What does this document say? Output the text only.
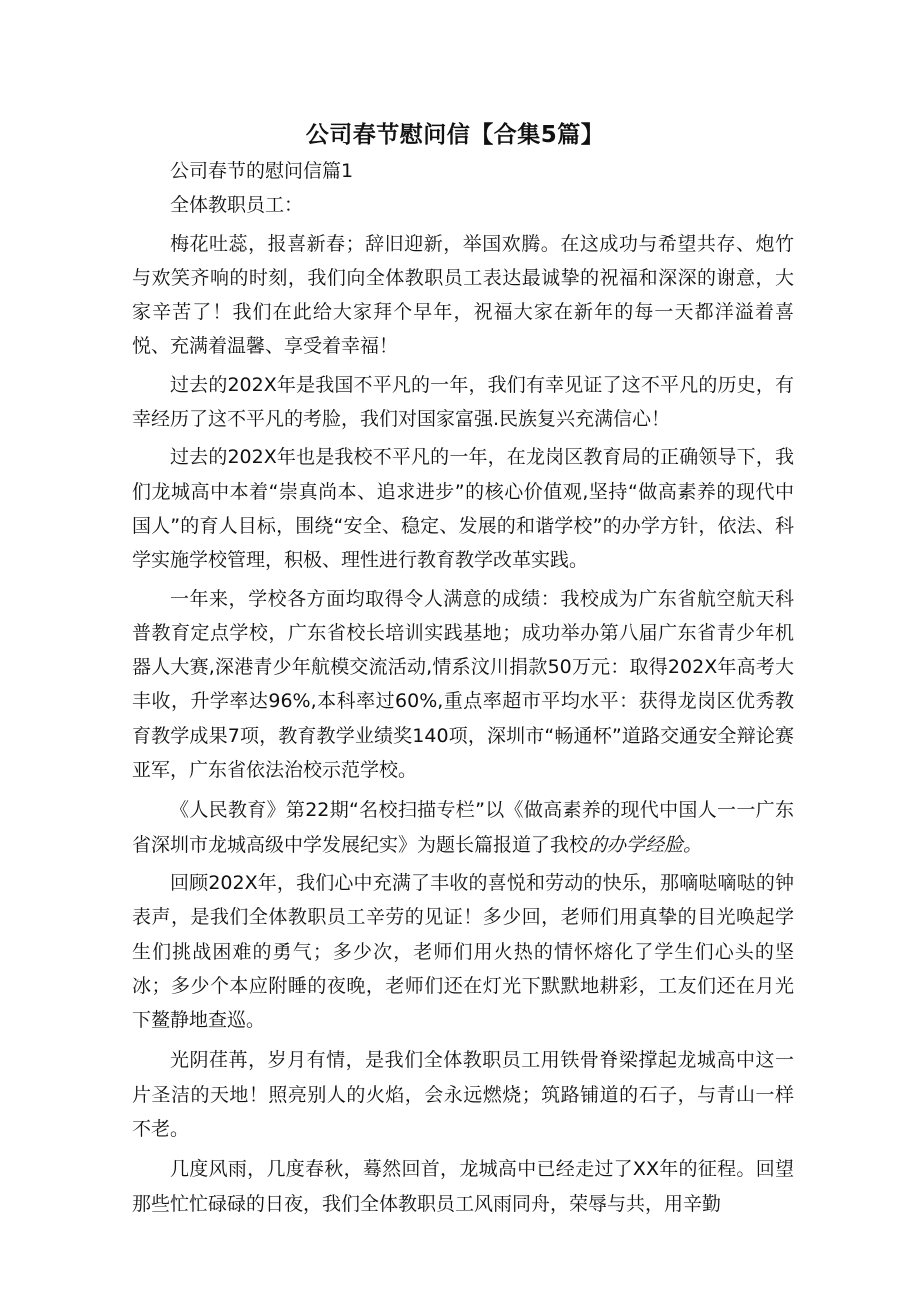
公司春节慰问信【合集5篇】

公司春节的慰问信篇1

全体教职员工：

梅花吐蕊，报喜新春；辞旧迎新，举国欢腾。在这成功与希望共存、炮竹与欢笑齐响的时刻，我们向全体教职员工表达最诚挚的祝福和深深的谢意，大家辛苦了！我们在此给大家拜个早年，祝福大家在新年的每一天都洋溢着喜悦、充满着温馨、享受着幸福！

过去的202X年是我国不平凡的一年，我们有幸见证了这不平凡的历史，有幸经历了这不平凡的考脸，我们对国家富强.民族复兴充满信心！

过去的202X年也是我校不平凡的一年，在龙岗区教育局的正确领导下，我们龙城高中本着“崇真尚本、追求进步”的核心价值观,坚持“做高素养的现代中国人”的育人目标，围绕“安全、稳定、发展的和谐学校”的办学方针，依法、科学实施学校管理，积极、理性进行教育教学改革实践。

一年来，学校各方面均取得令人满意的成绩：我校成为广东省航空航天科普教育定点学校，广东省校长培训实践基地；成功举办第八届广东省青少年机器人大赛,深港青少年航模交流活动,情系汶川捐款50万元：取得202X年高考大丰收，升学率达96%,本科率过60%,重点率超市平均水平：获得龙岗区优秀教育教学成果7项，教育教学业绩奖140项，深圳市“畅通杯”道路交通安全辩论赛亚军，广东省依法治校示范学校。

《人民教育》第22期“名校扫描专栏”以《做高素养的现代中国人一一广东省深圳市龙城高级中学发展纪实》为题长篇报道了我校的办学经脸。

回顾202X年，我们心中充满了丰收的喜悦和劳动的快乐，那嘀哒嘀哒的钟表声，是我们全体教职员工辛劳的见证！多少回，老师们用真挚的目光唤起学生们挑战困难的勇气；多少次，老师们用火热的情怀熔化了学生们心头的坚冰；多少个本应附睡的夜晚，老师们还在灯光下默默地耕彩，工友们还在月光下鳌静地查巡。

光阴荏苒，岁月有情，是我们全体教职员工用铁骨脊梁撑起龙城高中这一片圣洁的天地！照亮别人的火焰，会永远燃烧；筑路铺道的石子，与青山一样不老。

几度风雨，几度春秋，蓦然回首，龙城高中已经走过了XX年的征程。回望那些忙忙碌碌的日夜，我们全体教职员工风雨同舟，荣辱与共，用辛勤
